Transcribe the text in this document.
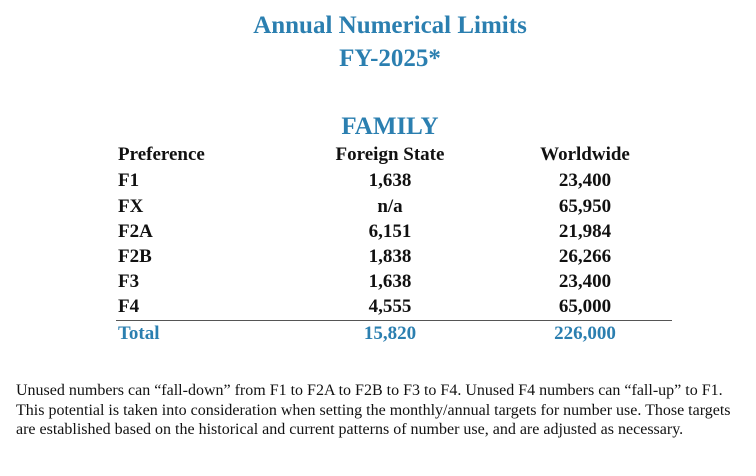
Annual Numerical Limits
FY-2025*
FAMILY
Preference	Foreign State	Worldwide
F1	1,638	23,400
FX	n/a	65,950
F2A	6,151	21,984
F2B	1,838	26,266
F3	1,638	23,400
F4	4,555	65,000
Total	15,820	226,000
Unused numbers can “fall-down” from F1 to F2A to F2B to F3 to F4. Unused F4 numbers can “fall-up” to F1. This potential is taken into consideration when setting the monthly/annual targets for number use. Those targets are established based on the historical and current patterns of number use, and are adjusted as necessary.
